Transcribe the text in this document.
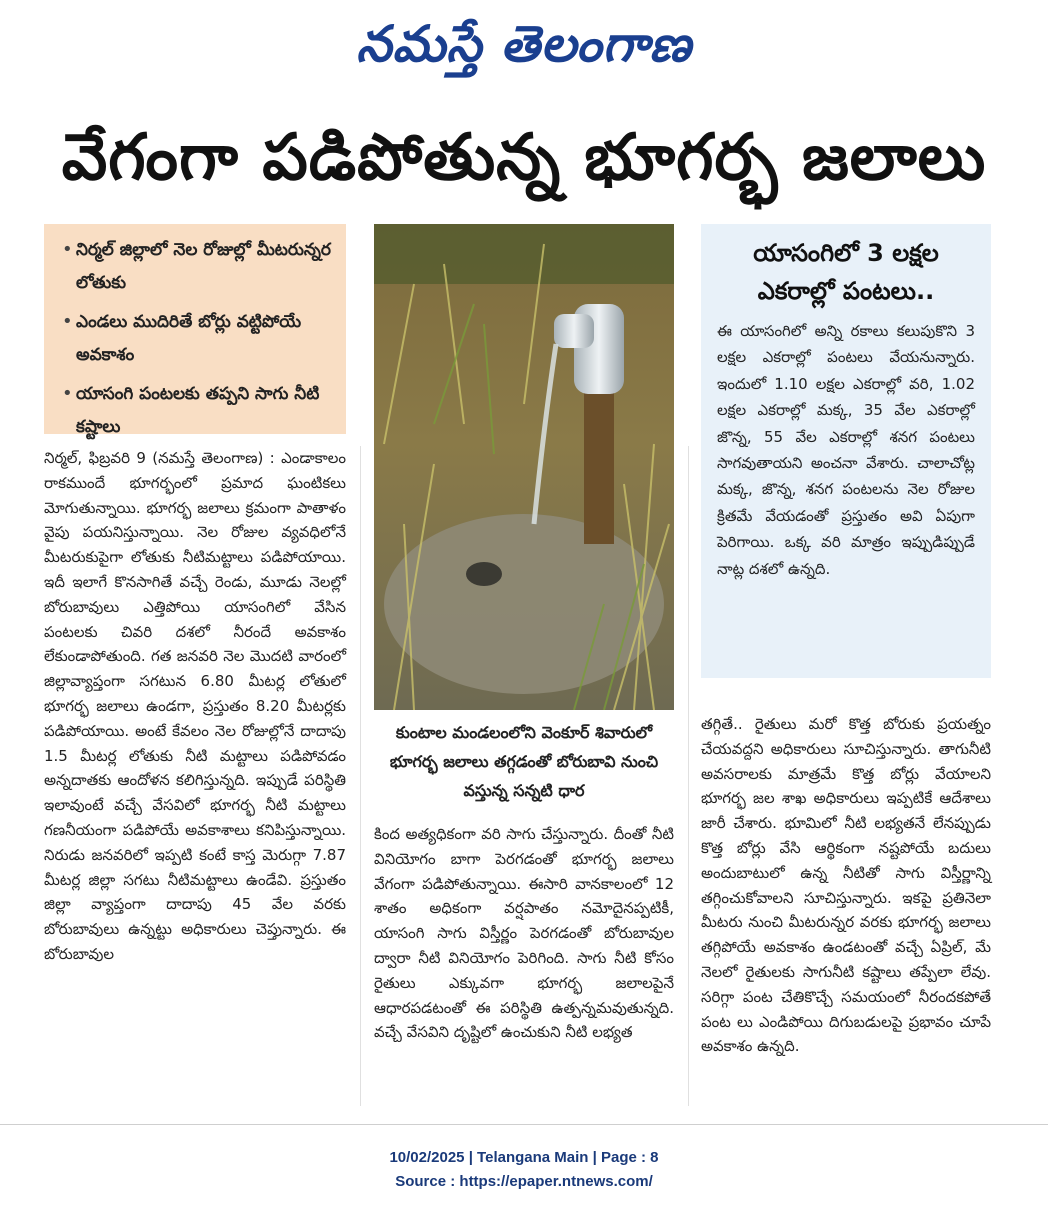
నమస్తే తెలంగాణ
వేగంగా పడిపోతున్న భూగర్భ జలాలు
• నిర్మల్ జిల్లాలో నెల రోజుల్లో మీటరున్నర లోతుకు
• ఎండలు ముదిరితే బోర్లు వట్టిపోయే అవకాశం
• యాసంగి పంటలకు తప్పని సాగు నీటి కష్టాలు
కుంటాల మండలంలోని వెంకూర్ శివారులో భూగర్భ జలాలు తగ్గడంతో బోరుబావి నుంచి వస్తున్న సన్నటి ధార
నిర్మల్, ఫిబ్రవరి 9 (నమస్తే తెలంగాణ) : ఎండాకాలం రాకముందే భూగర్భంలో ప్రమాద ఘంటికలు మోగుతున్నాయి. భూగర్భ జలాలు క్రమంగా పాతాళం వైపు పయనిస్తున్నాయి. నెల రోజుల వ్యవధిలోనే మీటరుకుపైగా లోతుకు నీటిమట్టాలు పడిపోయాయి. ఇదీ ఇలాగే కొనసాగితే వచ్చే రెండు, మూడు నెలల్లో బోరుబావులు ఎత్తిపోయి యాసంగిలో వేసిన పంటలకు చివరి దశలో నీరందే అవకాశం లేకుండాపోతుంది. గత జనవరి నెల మొదటి వారంలో జిల్లావ్యాప్తంగా సగటున 6.80 మీటర్ల లోతులో భూగర్భ జలాలు ఉండగా, ప్రస్తుతం 8.20 మీటర్లకు పడిపోయాయి. అంటే కేవలం నెల రోజుల్లోనే దాదాపు 1.5 మీటర్ల లోతుకు నీటి మట్టాలు పడిపోవడం అన్నదాతకు ఆందోళన కలిగిస్తున్నది. ఇప్పుడే పరిస్థితి ఇలావుంటే వచ్చే వేసవిలో భూగర్భ నీటి మట్టాలు గణనీయంగా పడిపోయే అవకాశాలు కనిపిస్తున్నాయి. నిరుడు జనవరిలో ఇప్పటి కంటే కాస్త మెరుగ్గా 7.87 మీటర్ల జిల్లా సగటు నీటిమట్టాలు ఉండేవి. ప్రస్తుతం జిల్లా వ్యాప్తంగా దాదాపు 45 వేల వరకు బోరుబావులు ఉన్నట్టు అధికారులు చెప్తున్నారు. ఈ బోరుబావుల
కింద అత్యధికంగా వరి సాగు చేస్తున్నారు. దీంతో నీటి వినియోగం బాగా పెరగడంతో భూగర్భ జలాలు వేగంగా పడిపోతున్నాయి. ఈసారి వానకాలంలో 12 శాతం అధికంగా వర్షపాతం నమోదైనప్పటికీ, యాసంగి సాగు విస్తీర్ణం పెరగడంతో బోరుబావుల ద్వారా నీటి వినియోగం పెరిగింది. సాగు నీటి కోసం రైతులు ఎక్కువగా భూగర్భ జలాలపైనే ఆధారపడటంతో ఈ పరిస్థితి ఉత్పన్నమవుతున్నది. వచ్చే వేసవిని దృష్టిలో ఉంచుకుని నీటి లభ్యత
యాసంగిలో 3 లక్షల ఎకరాల్లో పంటలు..
ఈ యాసంగిలో అన్ని రకాలు కలుపుకొని 3 లక్షల ఎకరాల్లో పంటలు వేయనున్నారు. ఇందులో 1.10 లక్షల ఎకరాల్లో వరి, 1.02 లక్షల ఎకరాల్లో మక్క, 35 వేల ఎకరాల్లో జొన్న, 55 వేల ఎకరాల్లో శనగ పంటలు సాగవుతాయని అంచనా వేశారు. చాలాచోట్ల మక్క, జొన్న, శనగ పంటలను నెల రోజుల క్రితమే వేయడంతో ప్రస్తుతం అవి ఏపుగా పెరిగాయి. ఒక్క వరి మాత్రం ఇప్పుడిప్పుడే నాట్ల దశలో ఉన్నది.
తగ్గితే.. రైతులు మరో కొత్త బోరుకు ప్రయత్నం చేయవద్దని అధికారులు సూచిస్తున్నారు. తాగునీటి అవసరాలకు మాత్రమే కొత్త బోర్లు వేయాలని భూగర్భ జల శాఖ అధికారులు ఇప్పటికే ఆదేశాలు జారీ చేశారు. భూమిలో నీటి లభ్యతనే లేనప్పుడు కొత్త బోర్లు వేసి ఆర్థికంగా నష్టపోయే బదులు అందుబాటులో ఉన్న నీటితో సాగు విస్తీర్ణాన్ని తగ్గించుకోవాలని సూచిస్తున్నారు. ఇకపై ప్రతినెలా మీటరు నుంచి మీటరున్నర వరకు భూగర్భ జలాలు తగ్గిపోయే అవకాశం ఉండటంతో వచ్చే ఏప్రిల్, మే నెలలో రైతులకు సాగునీటి కష్టాలు తప్పేలా లేవు. సరిగ్గా పంట చేతికొచ్చే సమయంలో నీరందకపోతే పంట లు ఎండిపోయి దిగుబడులపై ప్రభావం చూపే అవకాశం ఉన్నది.
10/02/2025 | Telangana Main | Page : 8
Source : https://epaper.ntnews.com/
